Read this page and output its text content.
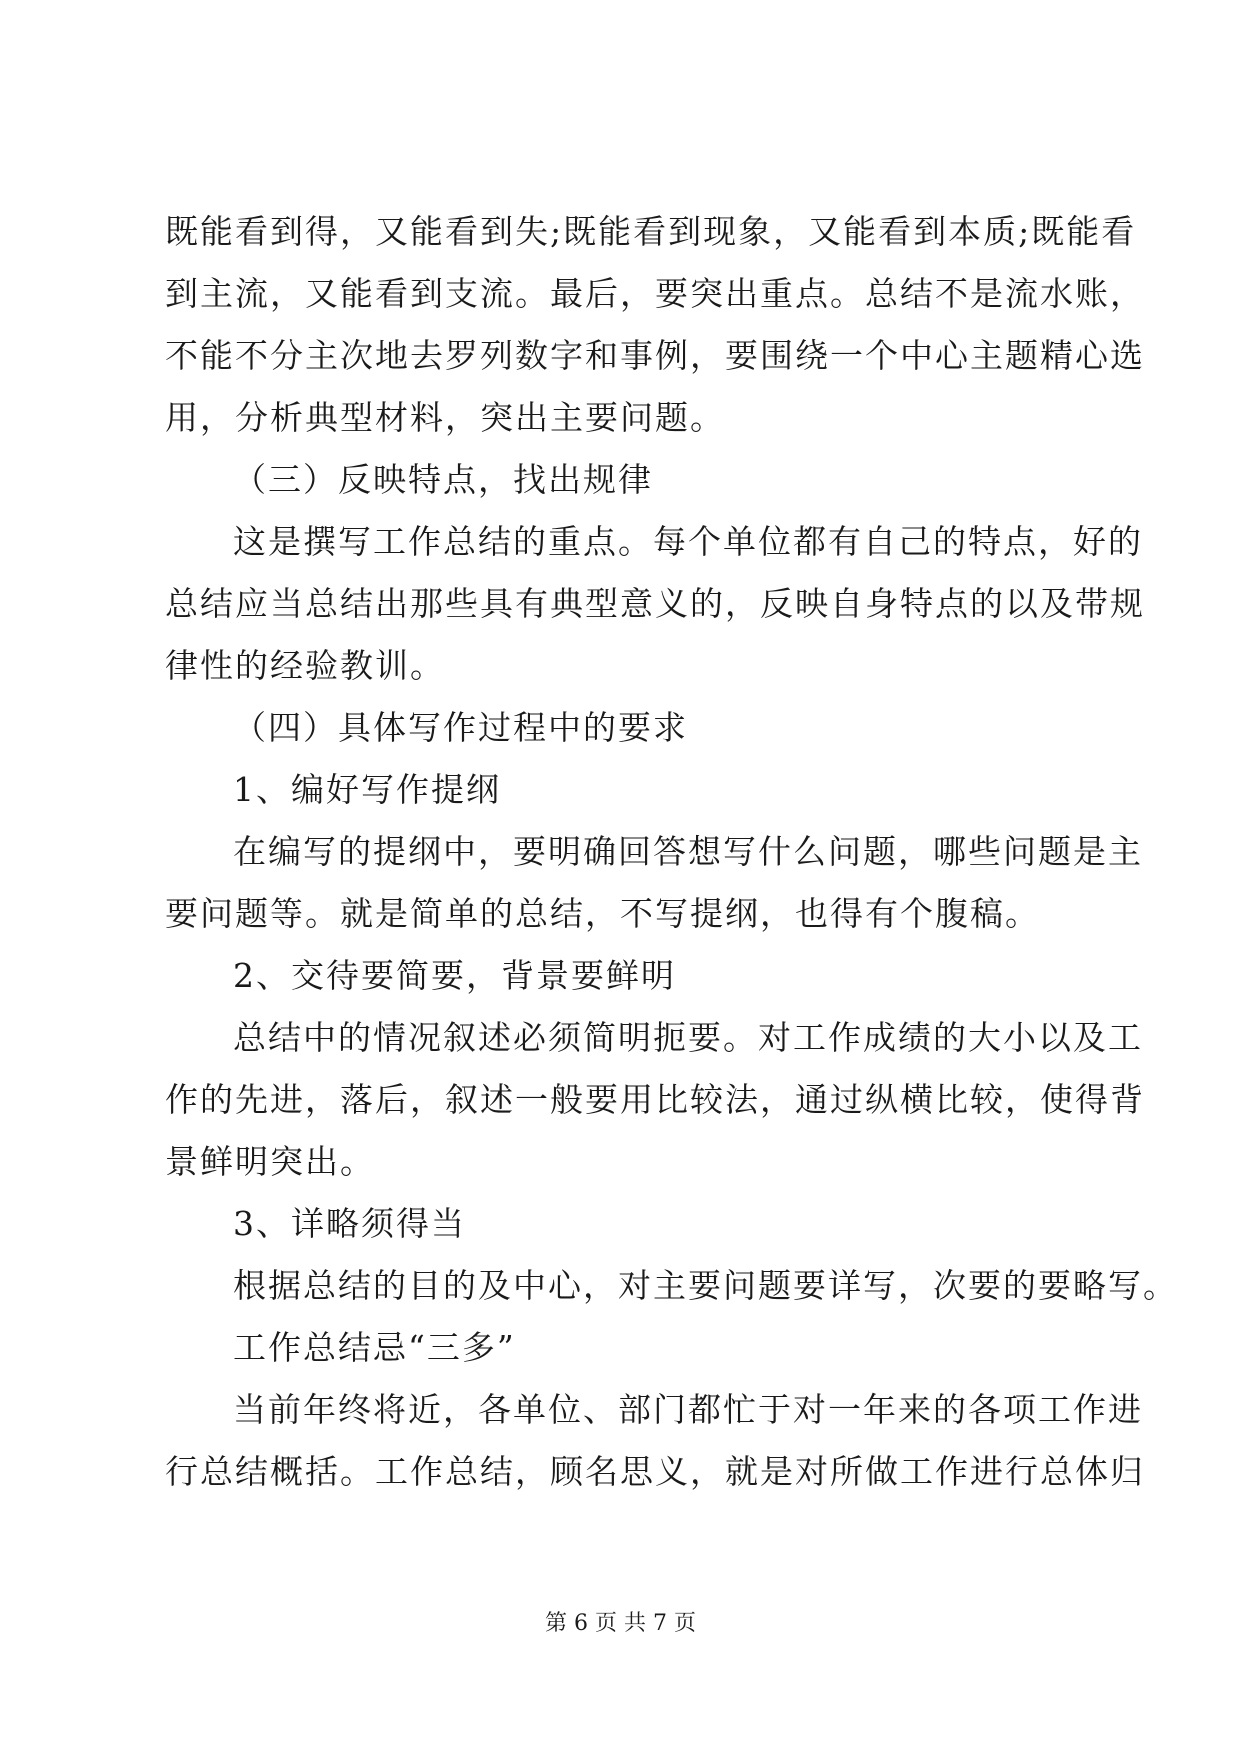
既能看到得，又能看到失;既能看到现象，又能看到本质;既能看
到主流，又能看到支流。最后，要突出重点。总结不是流水账，
不能不分主次地去罗列数字和事例，要围绕一个中心主题精心选
用，分析典型材料，突出主要问题。
（三）反映特点，找出规律
这是撰写工作总结的重点。每个单位都有自己的特点，好的
总结应当总结出那些具有典型意义的，反映自身特点的以及带规
律性的经验教训。
（四）具体写作过程中的要求
1、编好写作提纲
在编写的提纲中，要明确回答想写什么问题，哪些问题是主
要问题等。就是简单的总结，不写提纲，也得有个腹稿。
2、交待要简要，背景要鲜明
总结中的情况叙述必须简明扼要。对工作成绩的大小以及工
作的先进，落后，叙述一般要用比较法，通过纵横比较，使得背
景鲜明突出。
3、详略须得当
根据总结的目的及中心，对主要问题要详写，次要的要略写。
工作总结忌“三多”
当前年终将近，各单位、部门都忙于对一年来的各项工作进
行总结概括。工作总结，顾名思义，就是对所做工作进行总体归
第 6 页 共 7 页
